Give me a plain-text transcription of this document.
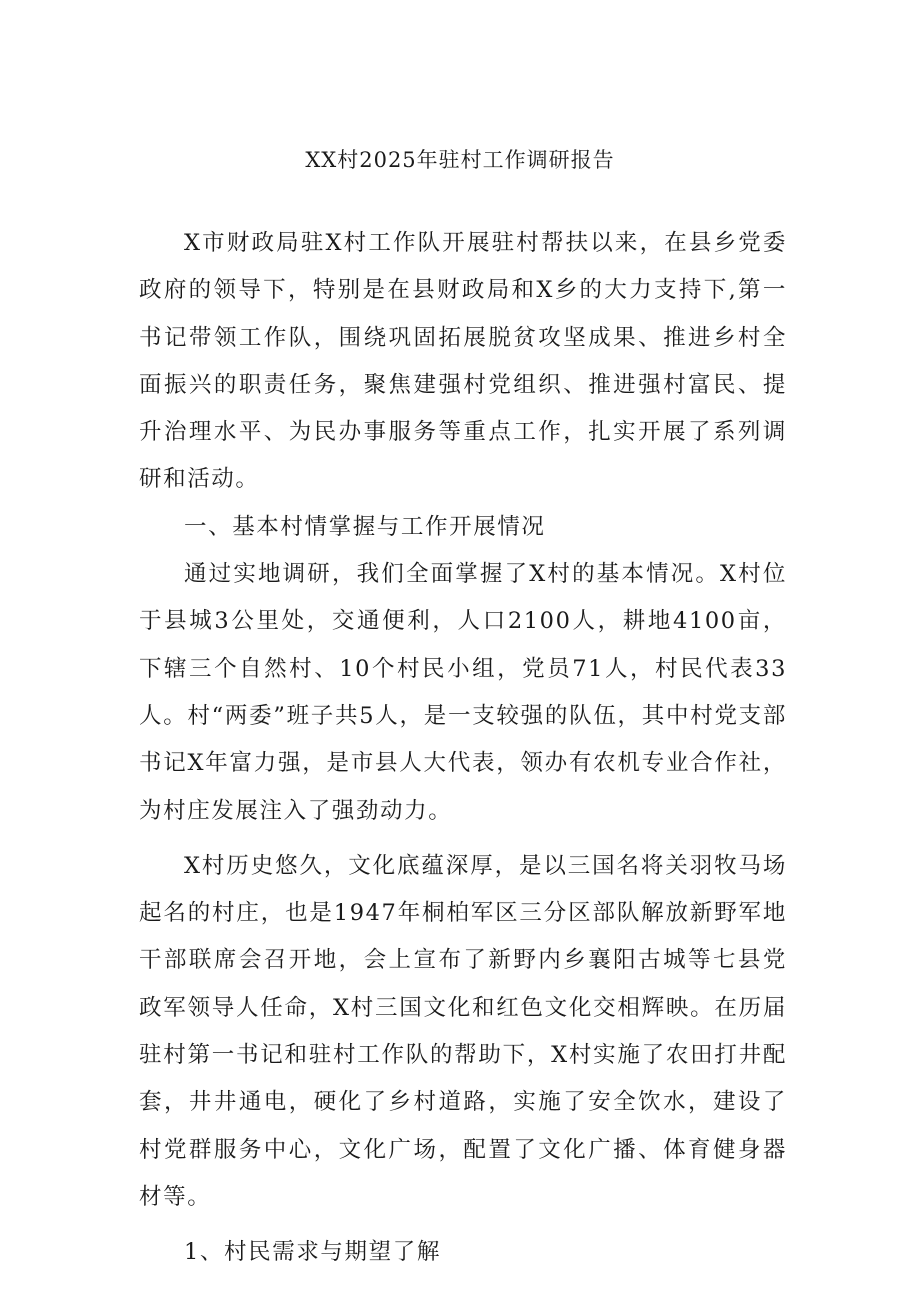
XX村2025年驻村工作调研报告

X市财政局驻X村工作队开展驻村帮扶以来，在县乡党委政府的领导下，特别是在县财政局和X乡的大力支持下,第一书记带领工作队，围绕巩固拓展脱贫攻坚成果、推进乡村全面振兴的职责任务，聚焦建强村党组织、推进强村富民、提升治理水平、为民办事服务等重点工作，扎实开展了系列调研和活动。

一、基本村情掌握与工作开展情况

通过实地调研，我们全面掌握了X村的基本情况。X村位于县城3公里处，交通便利，人口2100人，耕地4100亩，下辖三个自然村、10个村民小组，党员71人，村民代表33人。村“两委”班子共5人，是一支较强的队伍，其中村党支部书记X年富力强，是市县人大代表，领办有农机专业合作社，为村庄发展注入了强劲动力。

X村历史悠久，文化底蕴深厚，是以三国名将关羽牧马场起名的村庄，也是1947年桐柏军区三分区部队解放新野军地干部联席会召开地，会上宣布了新野内乡襄阳古城等七县党政军领导人任命，X村三国文化和红色文化交相辉映。在历届驻村第一书记和驻村工作队的帮助下，X村实施了农田打井配套，井井通电，硬化了乡村道路，实施了安全饮水，建设了村党群服务中心，文化广场，配置了文化广播、体育健身器材等。

1、村民需求与期望了解
